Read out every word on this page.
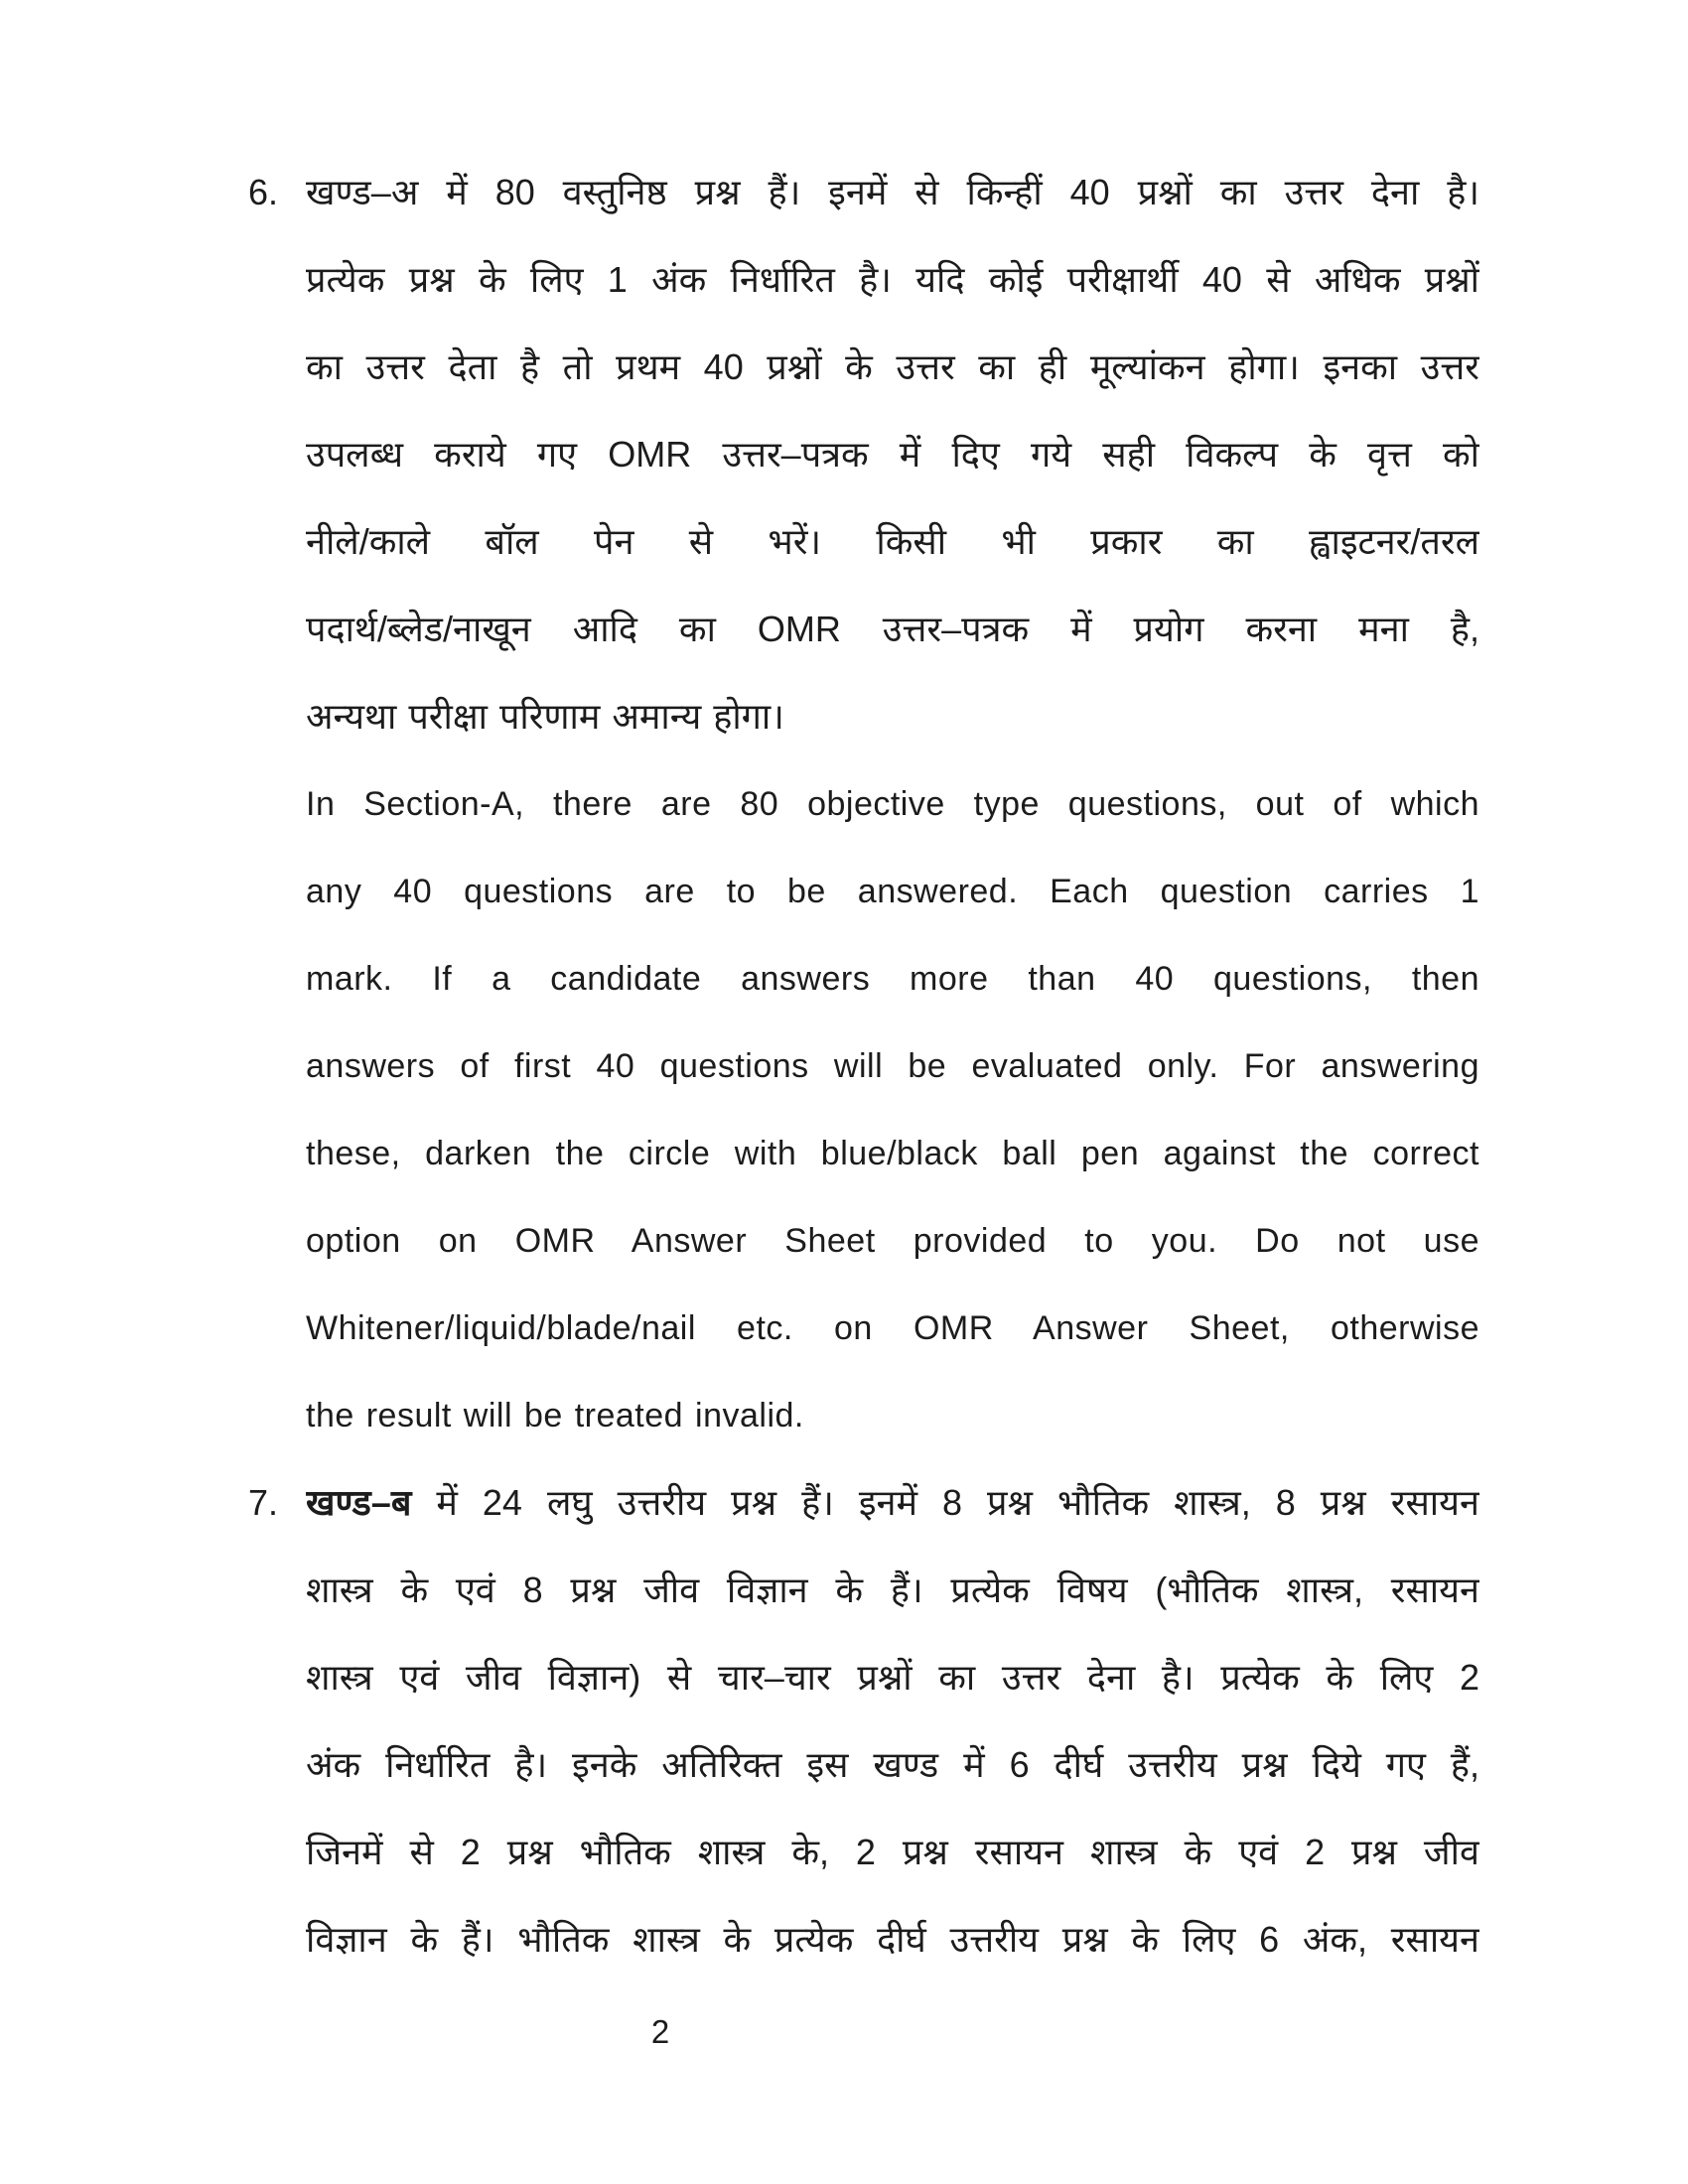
6. खण्ड–अ में 80 वस्तुनिष्ठ प्रश्न हैं। इनमें से किन्हीं 40 प्रश्नों का उत्तर देना है।
प्रत्येक प्रश्न के लिए 1 अंक निर्धारित है। यदि कोई परीक्षार्थी 40 से अधिक प्रश्नों
का उत्तर देता है तो प्रथम 40 प्रश्नों के उत्तर का ही मूल्यांकन होगा। इनका उत्तर
उपलब्ध कराये गए OMR उत्तर–पत्रक में दिए गये सही विकल्प के वृत्त को
नीले/काले बॉल पेन से भरें। किसी भी प्रकार का ह्वाइटनर/तरल
पदार्थ/ब्लेड/नाखून आदि का OMR उत्तर–पत्रक में प्रयोग करना मना है,
अन्यथा परीक्षा परिणाम अमान्य होगा।
In Section-A, there are 80 objective type questions, out of which
any 40 questions are to be answered. Each question carries 1
mark. If a candidate answers more than 40 questions, then
answers of first 40 questions will be evaluated only. For answering
these, darken the circle with blue/black ball pen against the correct
option on OMR Answer Sheet provided to you. Do not use
Whitener/liquid/blade/nail etc. on OMR Answer Sheet, otherwise
the result will be treated invalid.
7. खण्ड–ब में 24 लघु उत्तरीय प्रश्न हैं। इनमें 8 प्रश्न भौतिक शास्त्र, 8 प्रश्न रसायन
शास्त्र के एवं 8 प्रश्न जीव विज्ञान के हैं। प्रत्येक विषय (भौतिक शास्त्र, रसायन
शास्त्र एवं जीव विज्ञान) से चार–चार प्रश्नों का उत्तर देना है। प्रत्येक के लिए 2
अंक निर्धारित है। इनके अतिरिक्त इस खण्ड में 6 दीर्घ उत्तरीय प्रश्न दिये गए हैं,
जिनमें से 2 प्रश्न भौतिक शास्त्र के, 2 प्रश्न रसायन शास्त्र के एवं 2 प्रश्न जीव
विज्ञान के हैं। भौतिक शास्त्र के प्रत्येक दीर्घ उत्तरीय प्रश्न के लिए 6 अंक, रसायन
2
